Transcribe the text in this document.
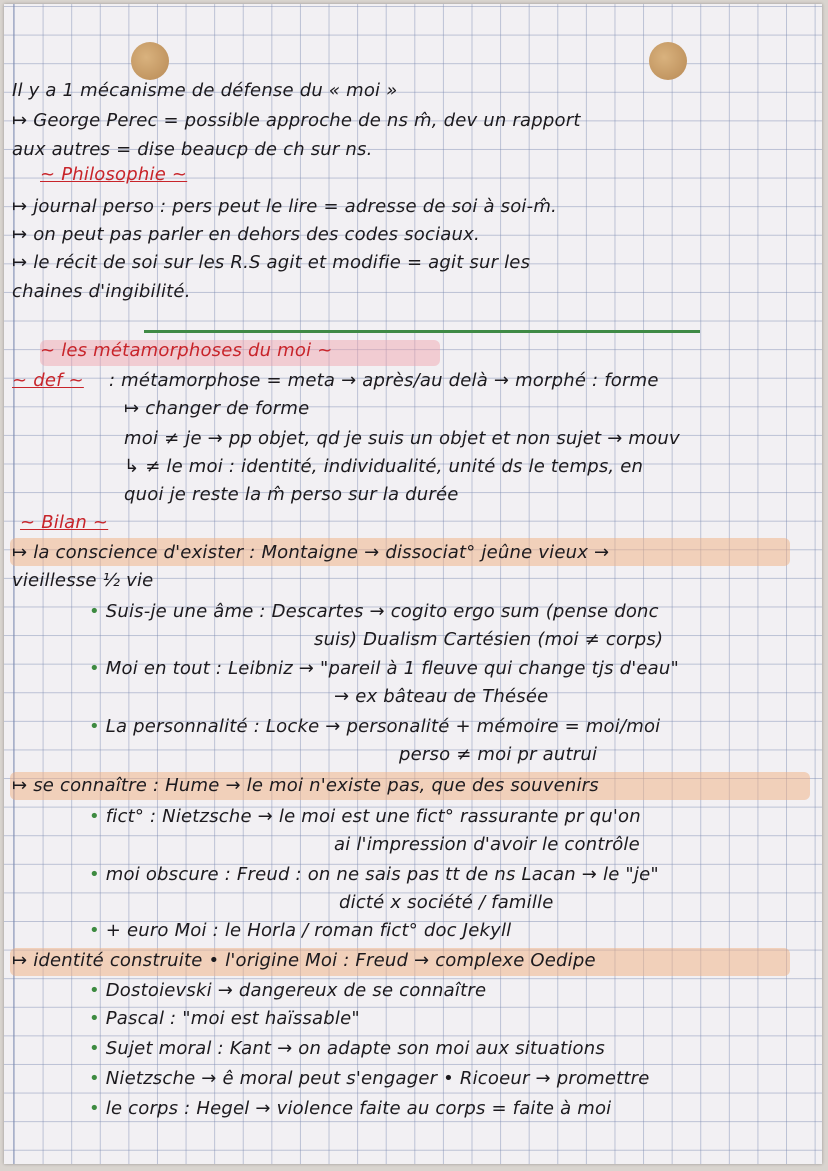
Il y a 1 mécanisme de défense du « moi »
↦ George Perec = possible approche de ns m̂, dev un rapport
aux autres = dise beaucp de ch sur ns.
~ Philosophie ~
↦ journal perso : pers peut le lire = adresse de soi à soi-m̂.
↦ on peut pas parler en dehors des codes sociaux.
↦ le récit de soi sur les R.S agit et modifie = agit sur les
chaines d'ingibilité.
~ les métamorphoses du moi ~
~ def ~ : métamorphose = meta → après/au delà → morphé : forme
↦ changer de forme
moi ≠ je → pp objet, qd je suis un objet et non sujet → mouv
↳ ≠ le moi : identité, individualité, unité ds le temps, en
quoi je reste la m̂ perso sur la durée
~ Bilan ~
↦ la conscience d'exister : Montaigne → dissociat° jeûne vieux →
vieillesse ½ vie
• Suis-je une âme : Descartes → cogito ergo sum (pense donc
suis) Dualism Cartésien (moi ≠ corps)
• Moi en tout : Leibniz → "pareil à 1 fleuve qui change tjs d'eau"
→ ex bâteau de Thésée
• La personnalité : Locke → personalité + mémoire = moi/moi
perso ≠ moi pr autrui
↦ se connaître : Hume → le moi n'existe pas, que des souvenirs
• fict° : Nietzsche → le moi est une fict° rassurante pr qu'on
ai l'impression d'avoir le contrôle
• moi obscure : Freud : on ne sais pas tt de ns Lacan → le "je"
dicté x société / famille
• + euro Moi : le Horla / roman fict° doc Jekyll
↦ identité construite • l'origine Moi : Freud → complexe Oedipe
• Dostoievski → dangereux de se connaître
• Pascal : "moi est haïssable"
• Sujet moral : Kant → on adapte son moi aux situations
• Nietzsche → ê moral peut s'engager • Ricoeur → promettre
• le corps : Hegel → violence faite au corps = faite à moi
